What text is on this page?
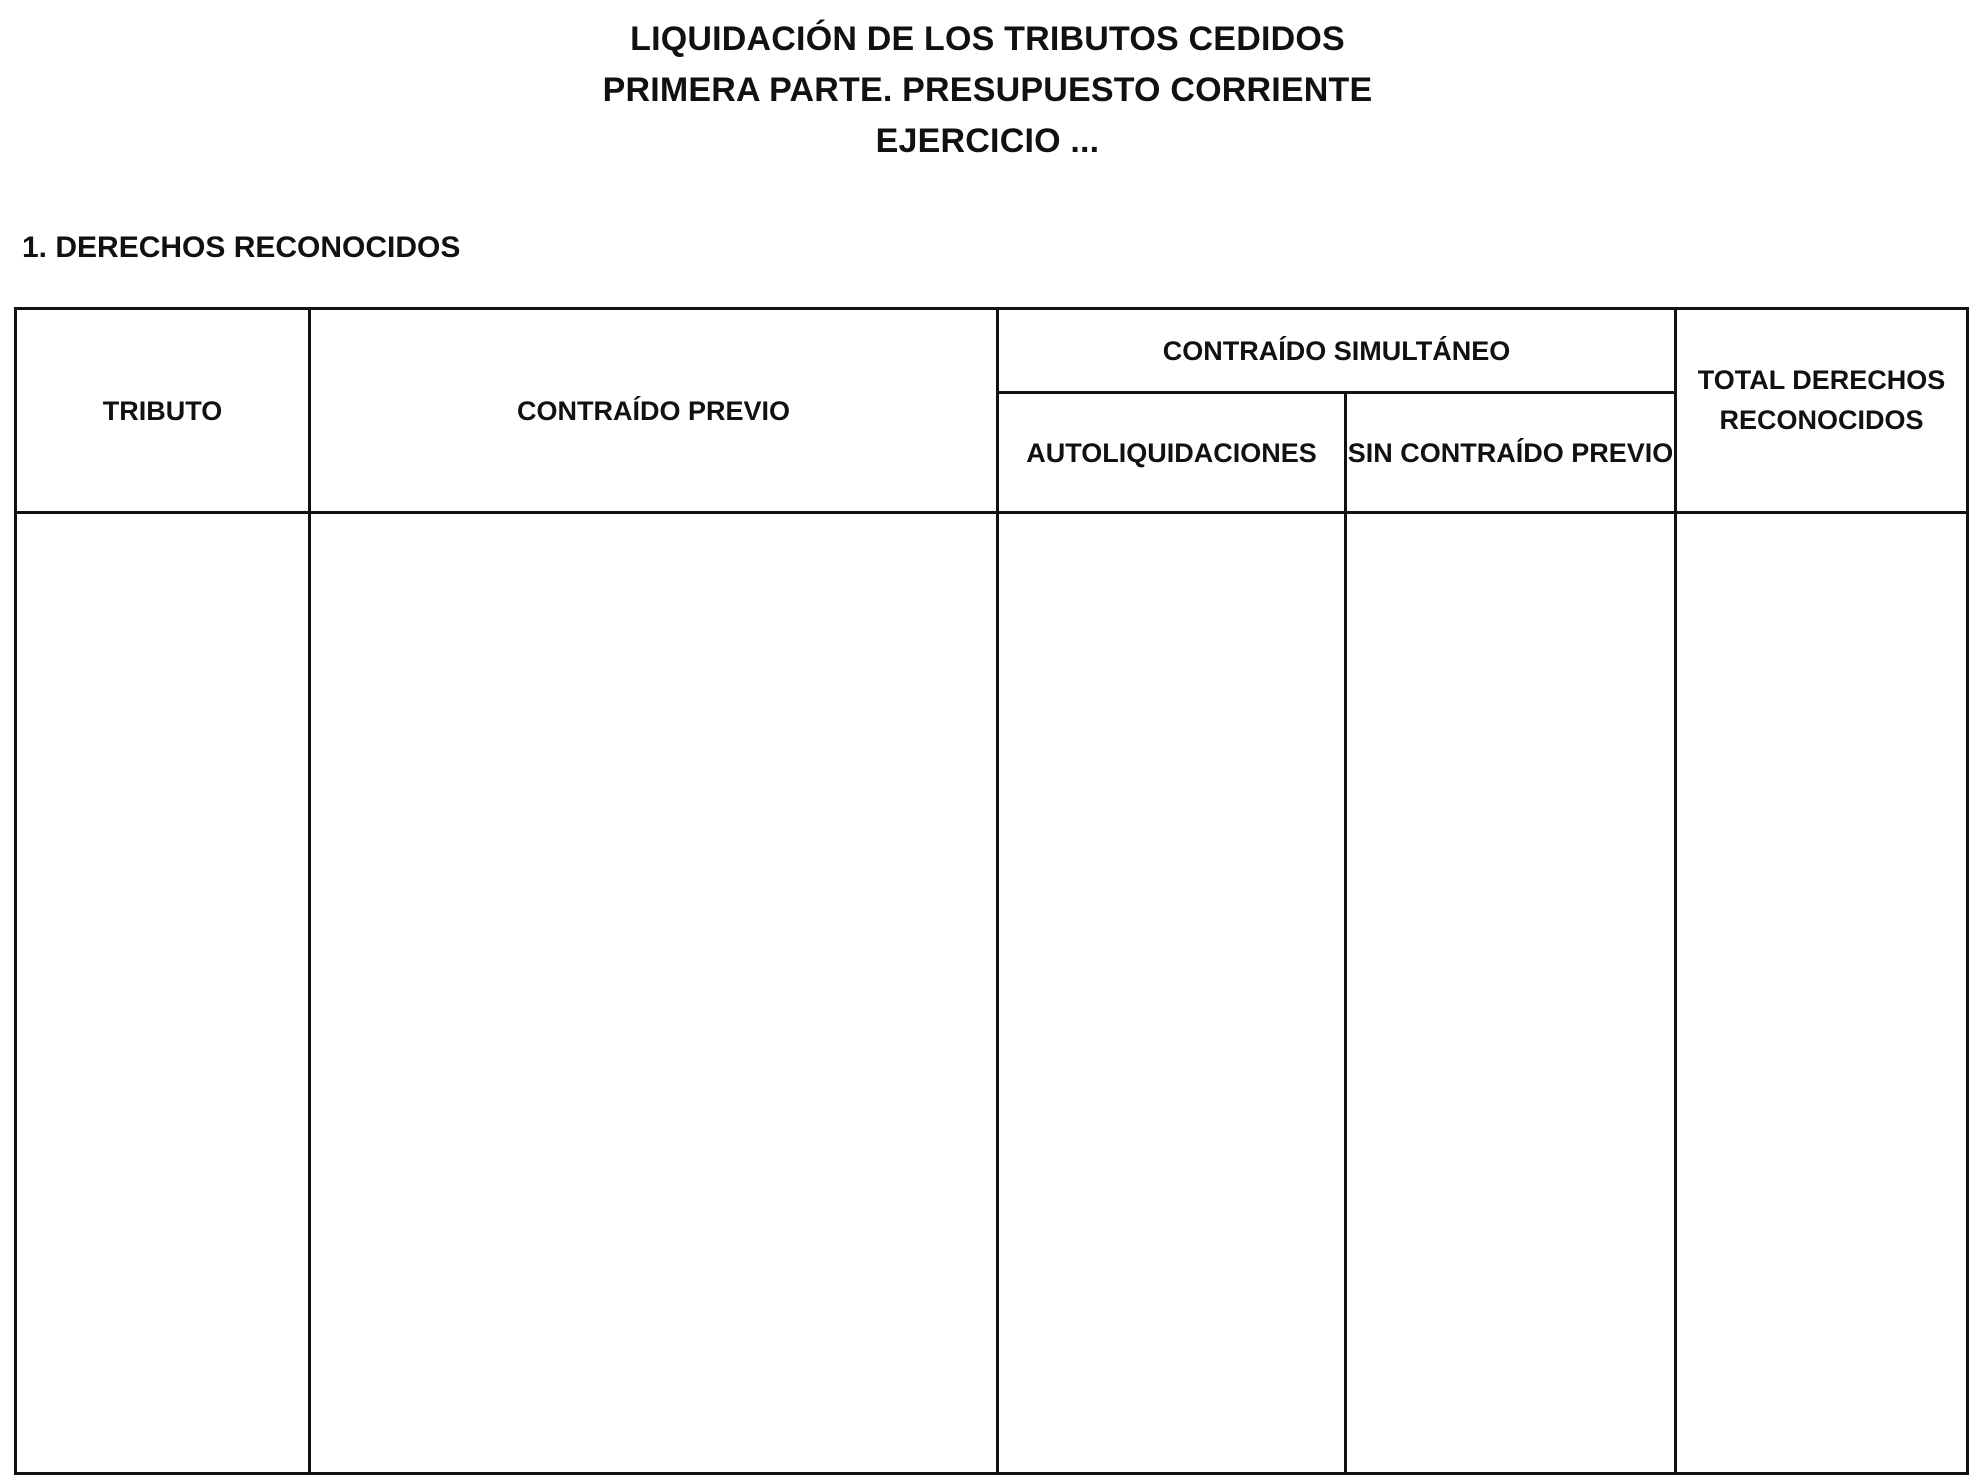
LIQUIDACIÓN DE LOS TRIBUTOS CEDIDOS
PRIMERA PARTE. PRESUPUESTO CORRIENTE
EJERCICIO ...
1. DERECHOS RECONOCIDOS
TRIBUTO	CONTRAÍDO PREVIO	CONTRAÍDO SIMULTÁNEO		TOTAL DERECHOS RECONOCIDOS
		AUTOLIQUIDACIONES	SIN CONTRAÍDO PREVIO	
